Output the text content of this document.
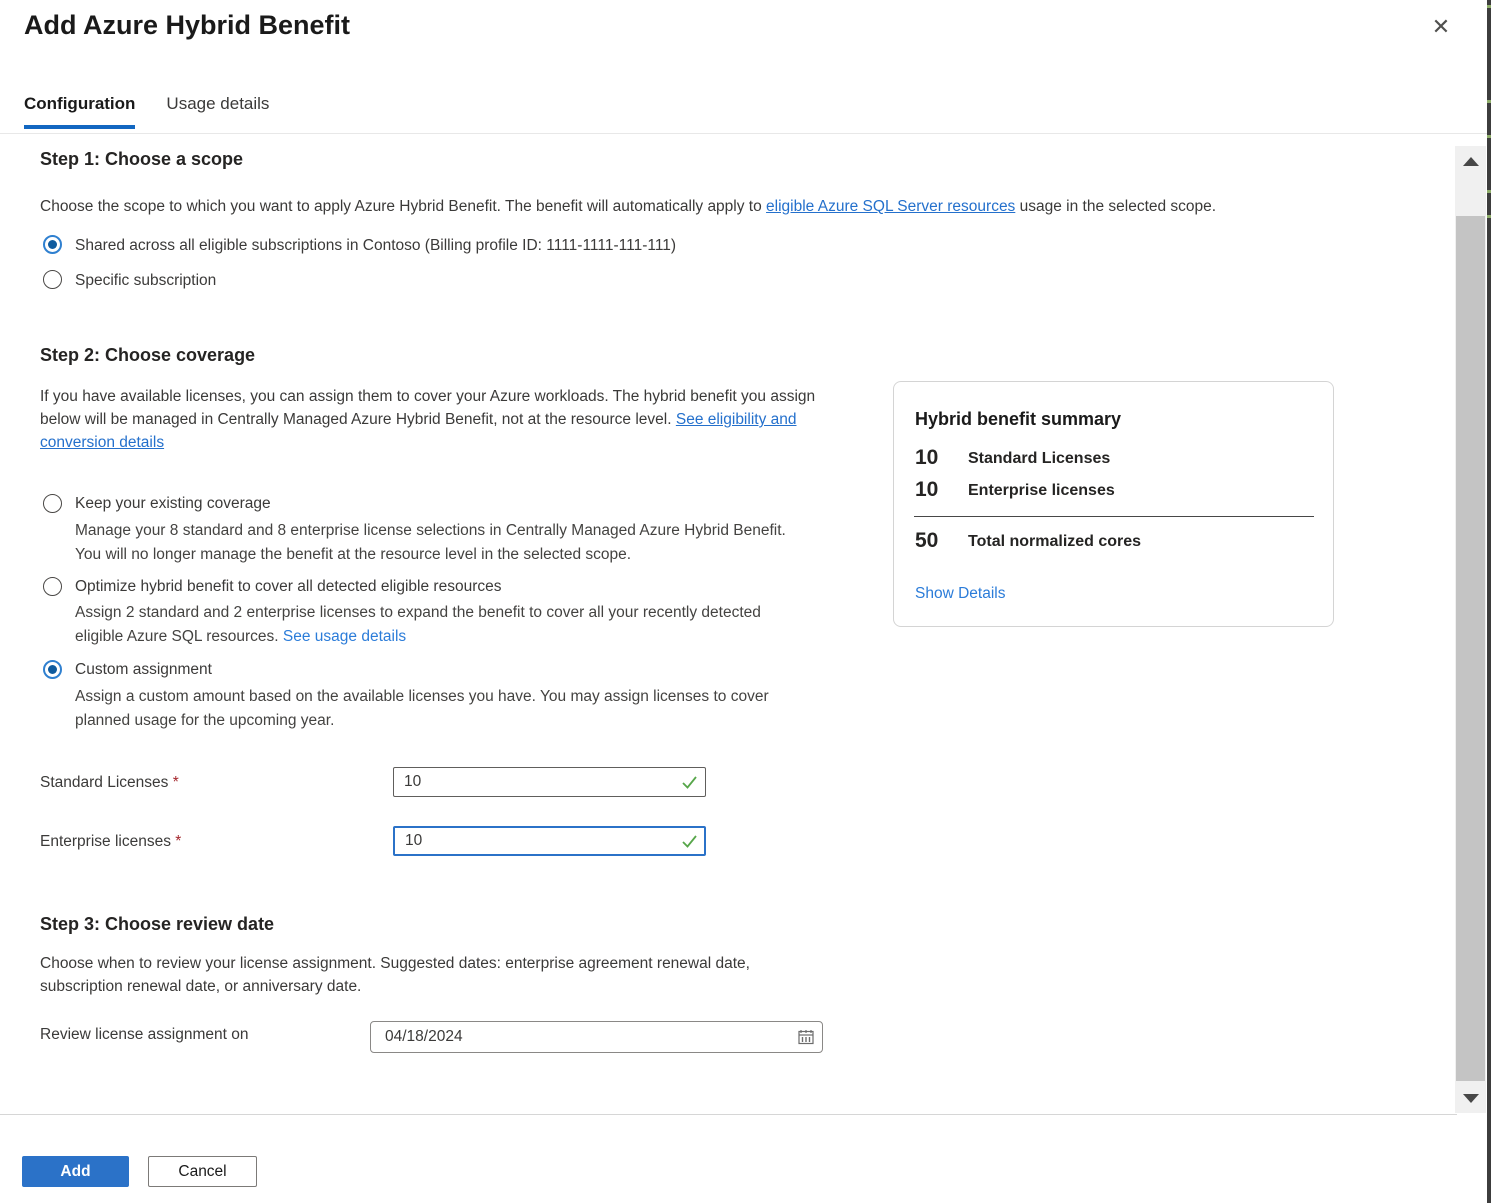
Add Azure Hybrid Benefit	✕
Configuration Usage details
Step 1: Choose a scope
Choose the scope to which you want to apply Azure Hybrid Benefit. The benefit will automatically apply to eligible Azure SQL Server resources usage in the selected scope.
Shared across all eligible subscriptions in Contoso (Billing profile ID: 1111-1111-111-111)
Specific subscription
Step 2: Choose coverage
If you have available licenses, you can assign them to cover your Azure workloads. The hybrid benefit you assign below will be managed in Centrally Managed Azure Hybrid Benefit, not at the resource level. See eligibility and conversion details
Keep your existing coverage
Manage your 8 standard and 8 enterprise license selections in Centrally Managed Azure Hybrid Benefit. You will no longer manage the benefit at the resource level in the selected scope.
Optimize hybrid benefit to cover all detected eligible resources
Assign 2 standard and 2 enterprise licenses to expand the benefit to cover all your recently detected eligible Azure SQL resources. See usage details
Custom assignment
Assign a custom amount based on the available licenses you have. You may assign licenses to cover planned usage for the upcoming year.
Hybrid benefit summary
10 Standard Licenses
10 Enterprise licenses
50 Total normalized cores
Show Details
Standard Licenses *
10
Enterprise licenses *
10
Step 3: Choose review date
Choose when to review your license assignment. Suggested dates: enterprise agreement renewal date, subscription renewal date, or anniversary date.
Review license assignment on
04/18/2024
Add	Cancel
